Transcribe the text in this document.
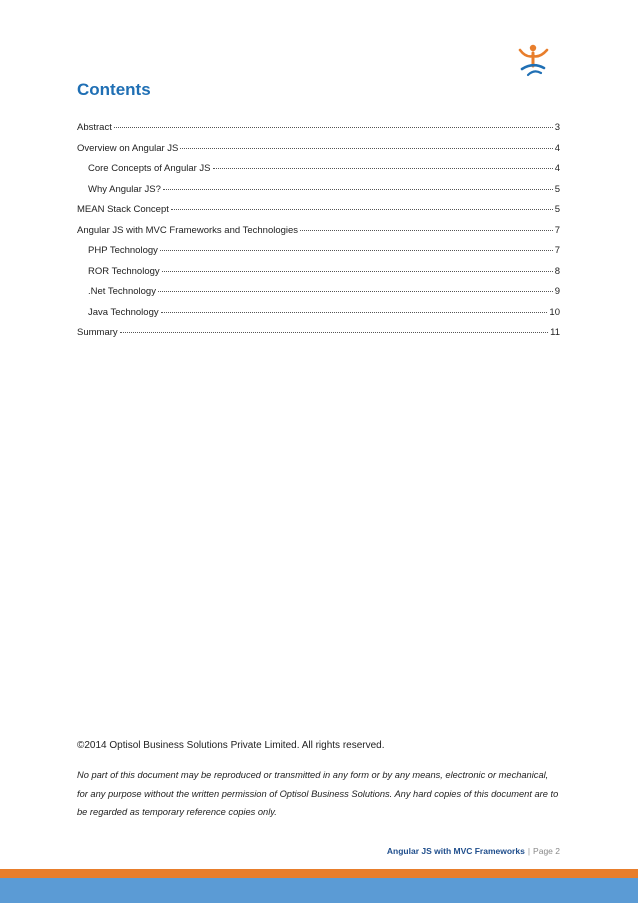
Contents
Abstract	3
Overview on Angular JS	4
Core Concepts of Angular JS	4
Why Angular JS?	5
MEAN Stack Concept	5
Angular JS with MVC Frameworks and Technologies	7
PHP Technology	7
ROR Technology	8
.Net Technology	9
Java Technology	10
Summary	11

©2014 Optisol Business Solutions Private Limited. All rights reserved.

No part of this document may be reproduced or transmitted in any form or by any means, electronic or mechanical, for any purpose without the written permission of Optisol Business Solutions. Any hard copies of this document are to be regarded as temporary reference copies only.

Angular JS with MVC Frameworks | Page 2
